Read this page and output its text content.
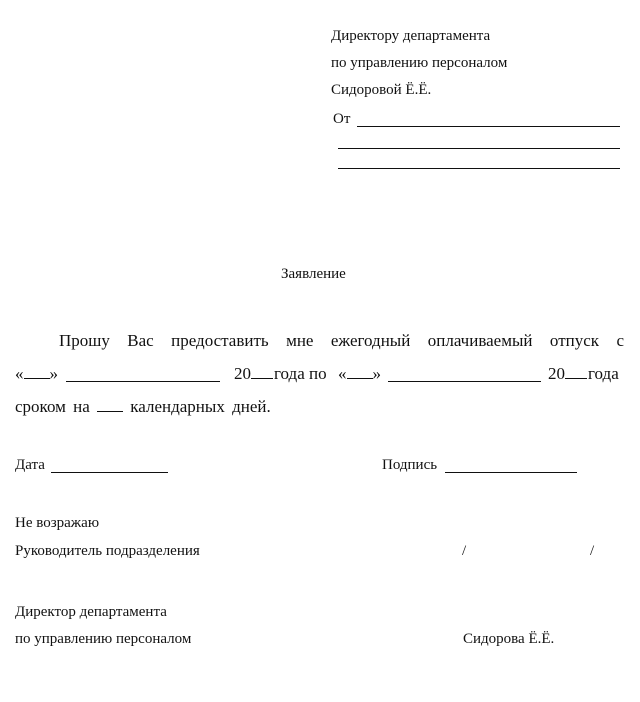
Директору департамента
по управлению персоналом
Сидоровой Ё.Ё.
От
Заявление
Прошу Вас предоставить мне ежегодный оплачиваемый отпуск с
« »	20 года по « »	20 года
сроком на календарных дней.
Дата	Подпись
Не возражаю
Руководитель подразделения	/	/
Директор департамента
по управлению персоналом	Сидорова Ё.Ё.
